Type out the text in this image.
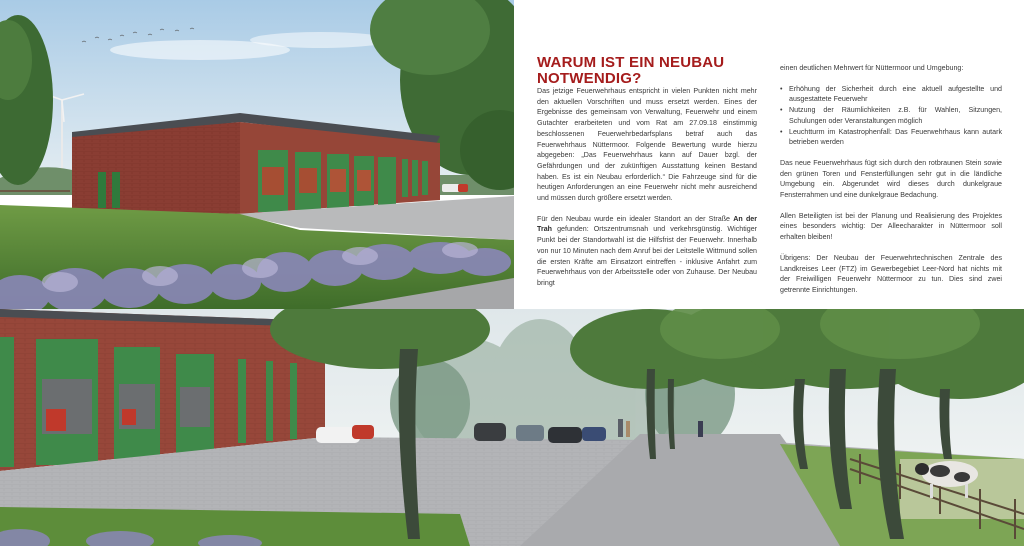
WARUM IST EIN NEUBAU
NOTWENDIG?

Das jetzige Feuerwehrhaus entspricht in vielen Punkten nicht mehr den aktuellen Vorschriften und muss ersetzt werden. Eines der Ergebnisse des gemeinsam von Verwaltung, Feuerwehr und einem Gutachter erarbeiteten und vom Rat am 27.09.18 einstimmig beschlossenen Feuerwehrbedarfsplans betraf auch das Feuerwehrhaus Nüttermoor. Folgende Bewertung wurde hierzu abgegeben: „Das Feuerwehrhaus kann auf Dauer bzgl. der Gefährdungen und der zukünftigen Ausstattung keinen Bestand haben. Es ist ein Neubau erforderlich.“ Die Fahrzeuge sind für die heutigen Anforderungen an eine Feuerwehr nicht mehr ausreichend und müssen durch größere ersetzt werden.

Für den Neubau wurde ein idealer Standort an der Straße An der Trah gefunden: Ortszentrumsnah und verkehrsgünstig. Wichtiger Punkt bei der Standortwahl ist die Hilfsfrist der Feuerwehr. Innerhalb von nur 10 Minuten nach dem Anruf bei der Leitstelle Wittmund sollen die ersten Kräfte am Einsatzort eintreffen - inklusive Anfahrt zum Feuerwehrhaus von der Arbeitsstelle oder von Zuhause. Der Neubau bringt

einen deutlichen Mehrwert für Nüttermoor und Umgebung:

• Erhöhung der Sicherheit durch eine aktuell aufgestellte und ausgestattete Feuerwehr
• Nutzung der Räumlichkeiten z.B. für Wahlen, Sitzungen, Schulungen oder Veranstaltungen möglich
• Leuchtturm im Katastrophenfall: Das Feuerwehrhaus kann autark betrieben werden

Das neue Feuerwehrhaus fügt sich durch den rotbraunen Stein sowie den grünen Toren und Fensterfüllungen sehr gut in die ländliche Umgebung ein. Abgerundet wird dieses durch dunkelgraue Fensterrahmen und eine dunkelgraue Bedachung.

Allen Beteiligten ist bei der Planung und Realisierung des Projektes eines besonders wichtig: Der Alleecharakter in Nüttermoor soll erhalten bleiben!

Übrigens: Der Neubau der Feuerwehrtechnischen Zentrale des Landkreises Leer (FTZ) im Gewerbegebiet Leer-Nord hat nichts mit der Freiwilligen Feuerwehr Nüttermoor zu tun. Dies sind zwei getrennte Einrichtungen.
